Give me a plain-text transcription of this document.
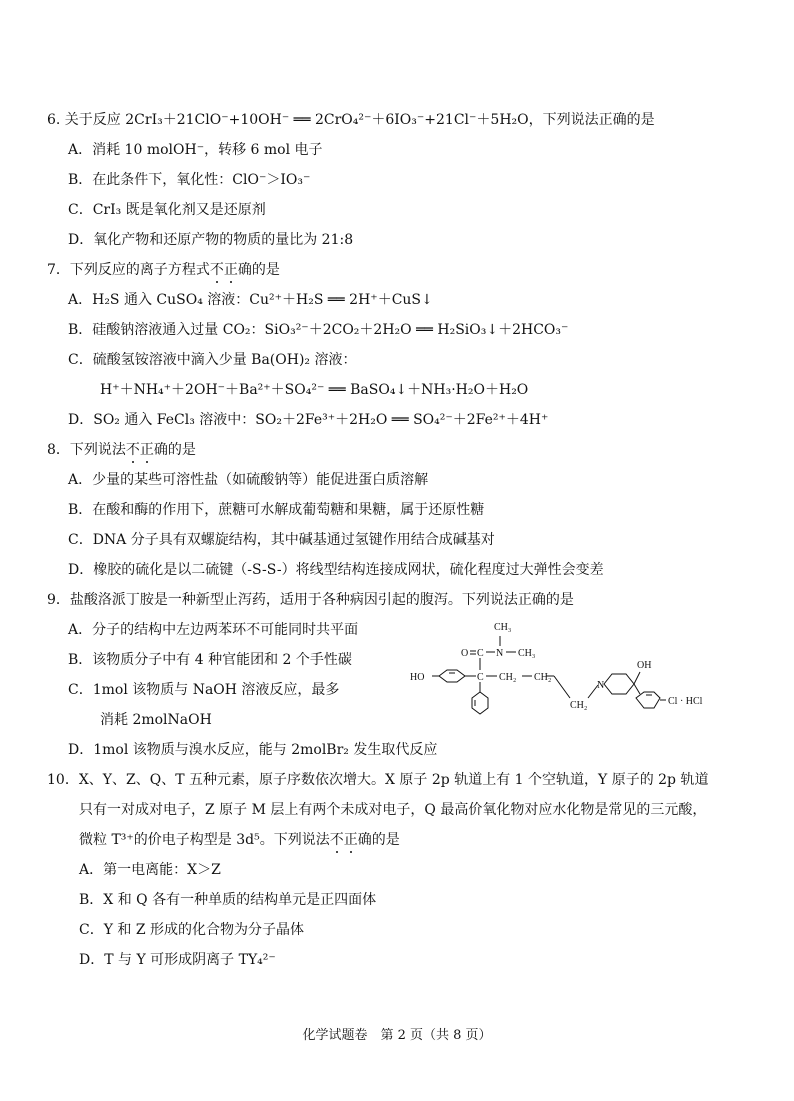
6. 关于反应 2CrI₃＋21ClO⁻+10OH⁻ ══ 2CrO₄²⁻＋6IO₃⁻+21Cl⁻＋5H₂O，下列说法正确的是
A．消耗 10 molOH⁻，转移 6 mol 电子
B．在此条件下，氧化性：ClO⁻＞IO₃⁻
C．CrI₃ 既是氧化剂又是还原剂
D．氧化产物和还原产物的物质的量比为 21:8
7．下列反应的离子方程式不正确的是
A．H₂S 通入 CuSO₄ 溶液：Cu²⁺＋H₂S ══ 2H⁺＋CuS↓
B．硅酸钠溶液通入过量 CO₂：SiO₃²⁻＋2CO₂＋2H₂O ══ H₂SiO₃↓＋2HCO₃⁻
C．硫酸氢铵溶液中滴入少量 Ba(OH)₂ 溶液：
H⁺＋NH₄⁺＋2OH⁻＋Ba²⁺＋SO₄²⁻ ══ BaSO₄↓＋NH₃·H₂O＋H₂O
D．SO₂ 通入 FeCl₃ 溶液中：SO₂＋2Fe³⁺＋2H₂O ══ SO₄²⁻＋2Fe²⁺＋4H⁺
8．下列说法不正确的是
A．少量的某些可溶性盐（如硫酸钠等）能促进蛋白质溶解
B．在酸和酶的作用下，蔗糖可水解成葡萄糖和果糖，属于还原性糖
C．DNA 分子具有双螺旋结构，其中碱基通过氢键作用结合成碱基对
D．橡胶的硫化是以二硫键（-S-S-）将线型结构连接成网状，硫化程度过大弹性会变差
9．盐酸洛派丁胺是一种新型止泻药，适用于各种病因引起的腹泻。下列说法正确的是
A．分子的结构中左边两苯环不可能同时共平面
B．该物质分子中有 4 种官能团和 2 个手性碳
C．1mol 该物质与 NaOH 溶液反应，最多
消耗 2molNaOH
D．1mol 该物质与溴水反应，能与 2molBr₂ 发生取代反应
CH₃
O C N CH₃
HO	C CH₂ CH₂
CH₂
N
OH
Cl · HCl
10．X、Y、Z、Q、T 五种元素，原子序数依次增大。X 原子 2p 轨道上有 1 个空轨道，Y 原子的 2p 轨道
只有一对成对电子，Z 原子 M 层上有两个未成对电子，Q 最高价氧化物对应水化物是常见的三元酸，
微粒 T³⁺的价电子构型是 3d⁵。下列说法不正确的是
A．第一电离能：X＞Z
B．X 和 Q 各有一种单质的结构单元是正四面体
C．Y 和 Z 形成的化合物为分子晶体
D．T 与 Y 可形成阴离子 TY₄²⁻
化学试题卷　第 2 页（共 8 页）
